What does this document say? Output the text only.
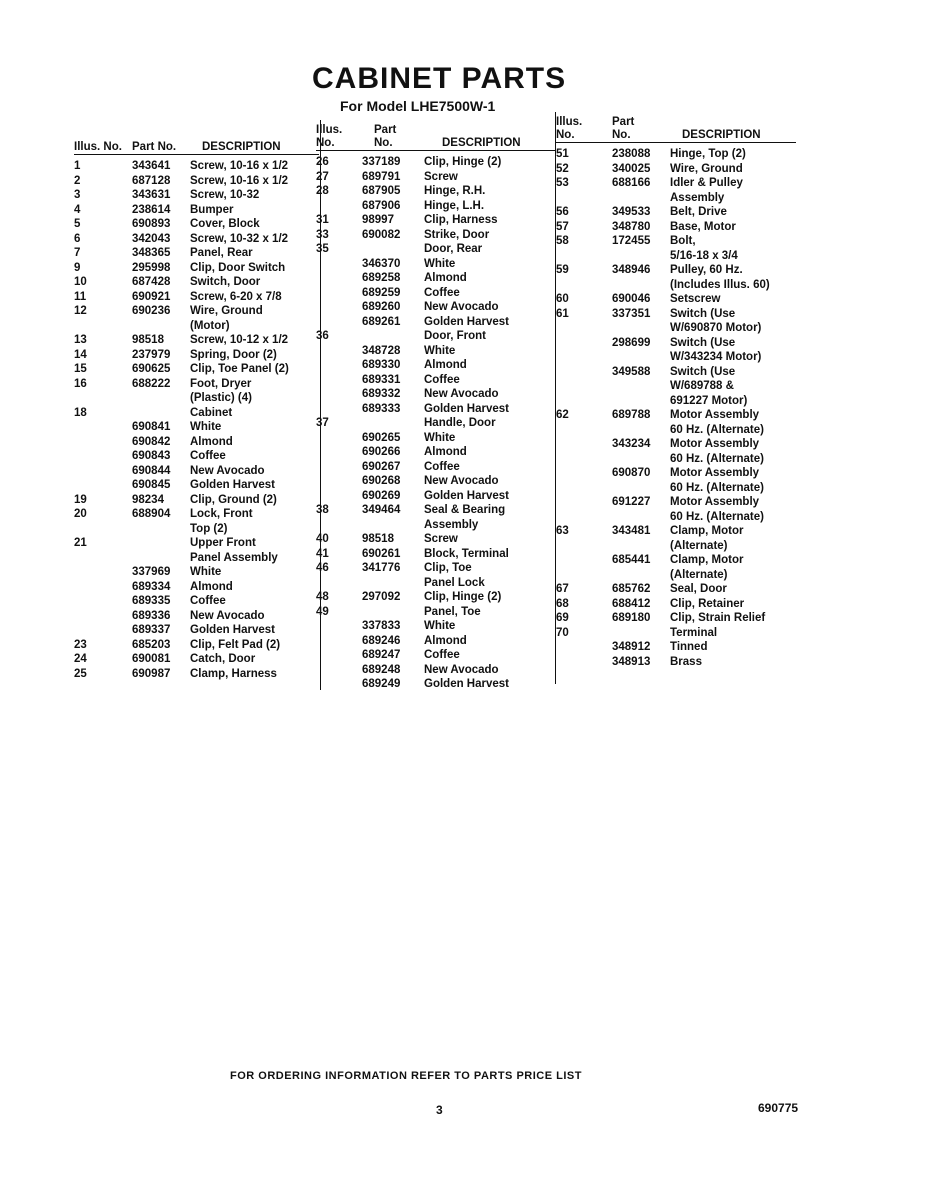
CABINET PARTS
For Model LHE7500W-1
Illus. No. Part No.	DESCRIPTION
1	343641	Screw, 10-16 x 1/2
2	687128	Screw, 10-16 x 1/2
3	343631	Screw, 10-32
4	238614	Bumper
5	690893	Cover, Block
6	342043	Screw, 10-32 x 1/2
7	348365	Panel, Rear
9	295998	Clip, Door Switch
10	687428	Switch, Door
11	690921	Screw, 6-20 x 7/8
12	690236	Wire, Ground
(Motor)
13	98518	Screw, 10-12 x 1/2
14	237979	Spring, Door (2)
15	690625	Clip, Toe Panel (2)
16	688222	Foot, Dryer
(Plastic) (4)
18	Cabinet
690841	White
690842	Almond
690843	Coffee
690844	New Avocado
690845	Golden Harvest
19	98234	Clip, Ground (2)
20	688904	Lock, Front
Top (2)
21	Upper Front
Panel Assembly
337969	White
689334	Almond
689335	Coffee
689336	New Avocado
689337	Golden Harvest
23	685203	Clip, Felt Pad (2)
24	690081	Catch, Door
25	690987	Clamp, Harness
Illus. No.
Part No.	DESCRIPTION
26	337189	Clip, Hinge (2)
27	689791	Screw
28	687905	Hinge, R.H.
687906	Hinge, L.H.
31	98997	Clip, Harness
33	690082	Strike, Door
35	Door, Rear
346370	White
689258	Almond
689259	Coffee
689260	New Avocado
689261	Golden Harvest
36	Door, Front
348728	White
689330	Almond
689331	Coffee
689332	New Avocado
689333	Golden Harvest
37	Handle, Door
690265	White
690266	Almond
690267	Coffee
690268	New Avocado
690269	Golden Harvest
38	349464	Seal & Bearing
Assembly
40	98518	Screw
41	690261	Block, Terminal
46	341776	Clip, Toe
Panel Lock
48	297092	Clip, Hinge (2)
49	Panel, Toe
337833	White
689246	Almond
689247	Coffee
689248	New Avocado
689249	Golden Harvest
Illus. No.
Part No.	DESCRIPTION
51	238088	Hinge, Top (2)
52	340025	Wire, Ground
53	688166	Idler & Pulley
Assembly
56	349533	Belt, Drive
57	348780	Base, Motor
58	172455	Bolt,
5/16-18 x 3/4
59	348946	Pulley, 60 Hz.
(Includes Illus. 60)
60	690046	Setscrew
61	337351	Switch (Use
W/690870 Motor)
298699	Switch (Use
W/343234 Motor)
349588	Switch (Use
W/689788 &
691227 Motor)
62	689788	Motor Assembly
60 Hz. (Alternate)
343234	Motor Assembly
60 Hz. (Alternate)
690870	Motor Assembly
60 Hz. (Alternate)
691227	Motor Assembly
60 Hz. (Alternate)
63	343481	Clamp, Motor
(Alternate)
685441	Clamp, Motor
(Alternate)
67	685762	Seal, Door
68	688412	Clip, Retainer
69	689180	Clip, Strain Relief
70	Terminal
348912	Tinned
348913	Brass
FOR ORDERING INFORMATION REFER TO PARTS PRICE LIST
3	690775
